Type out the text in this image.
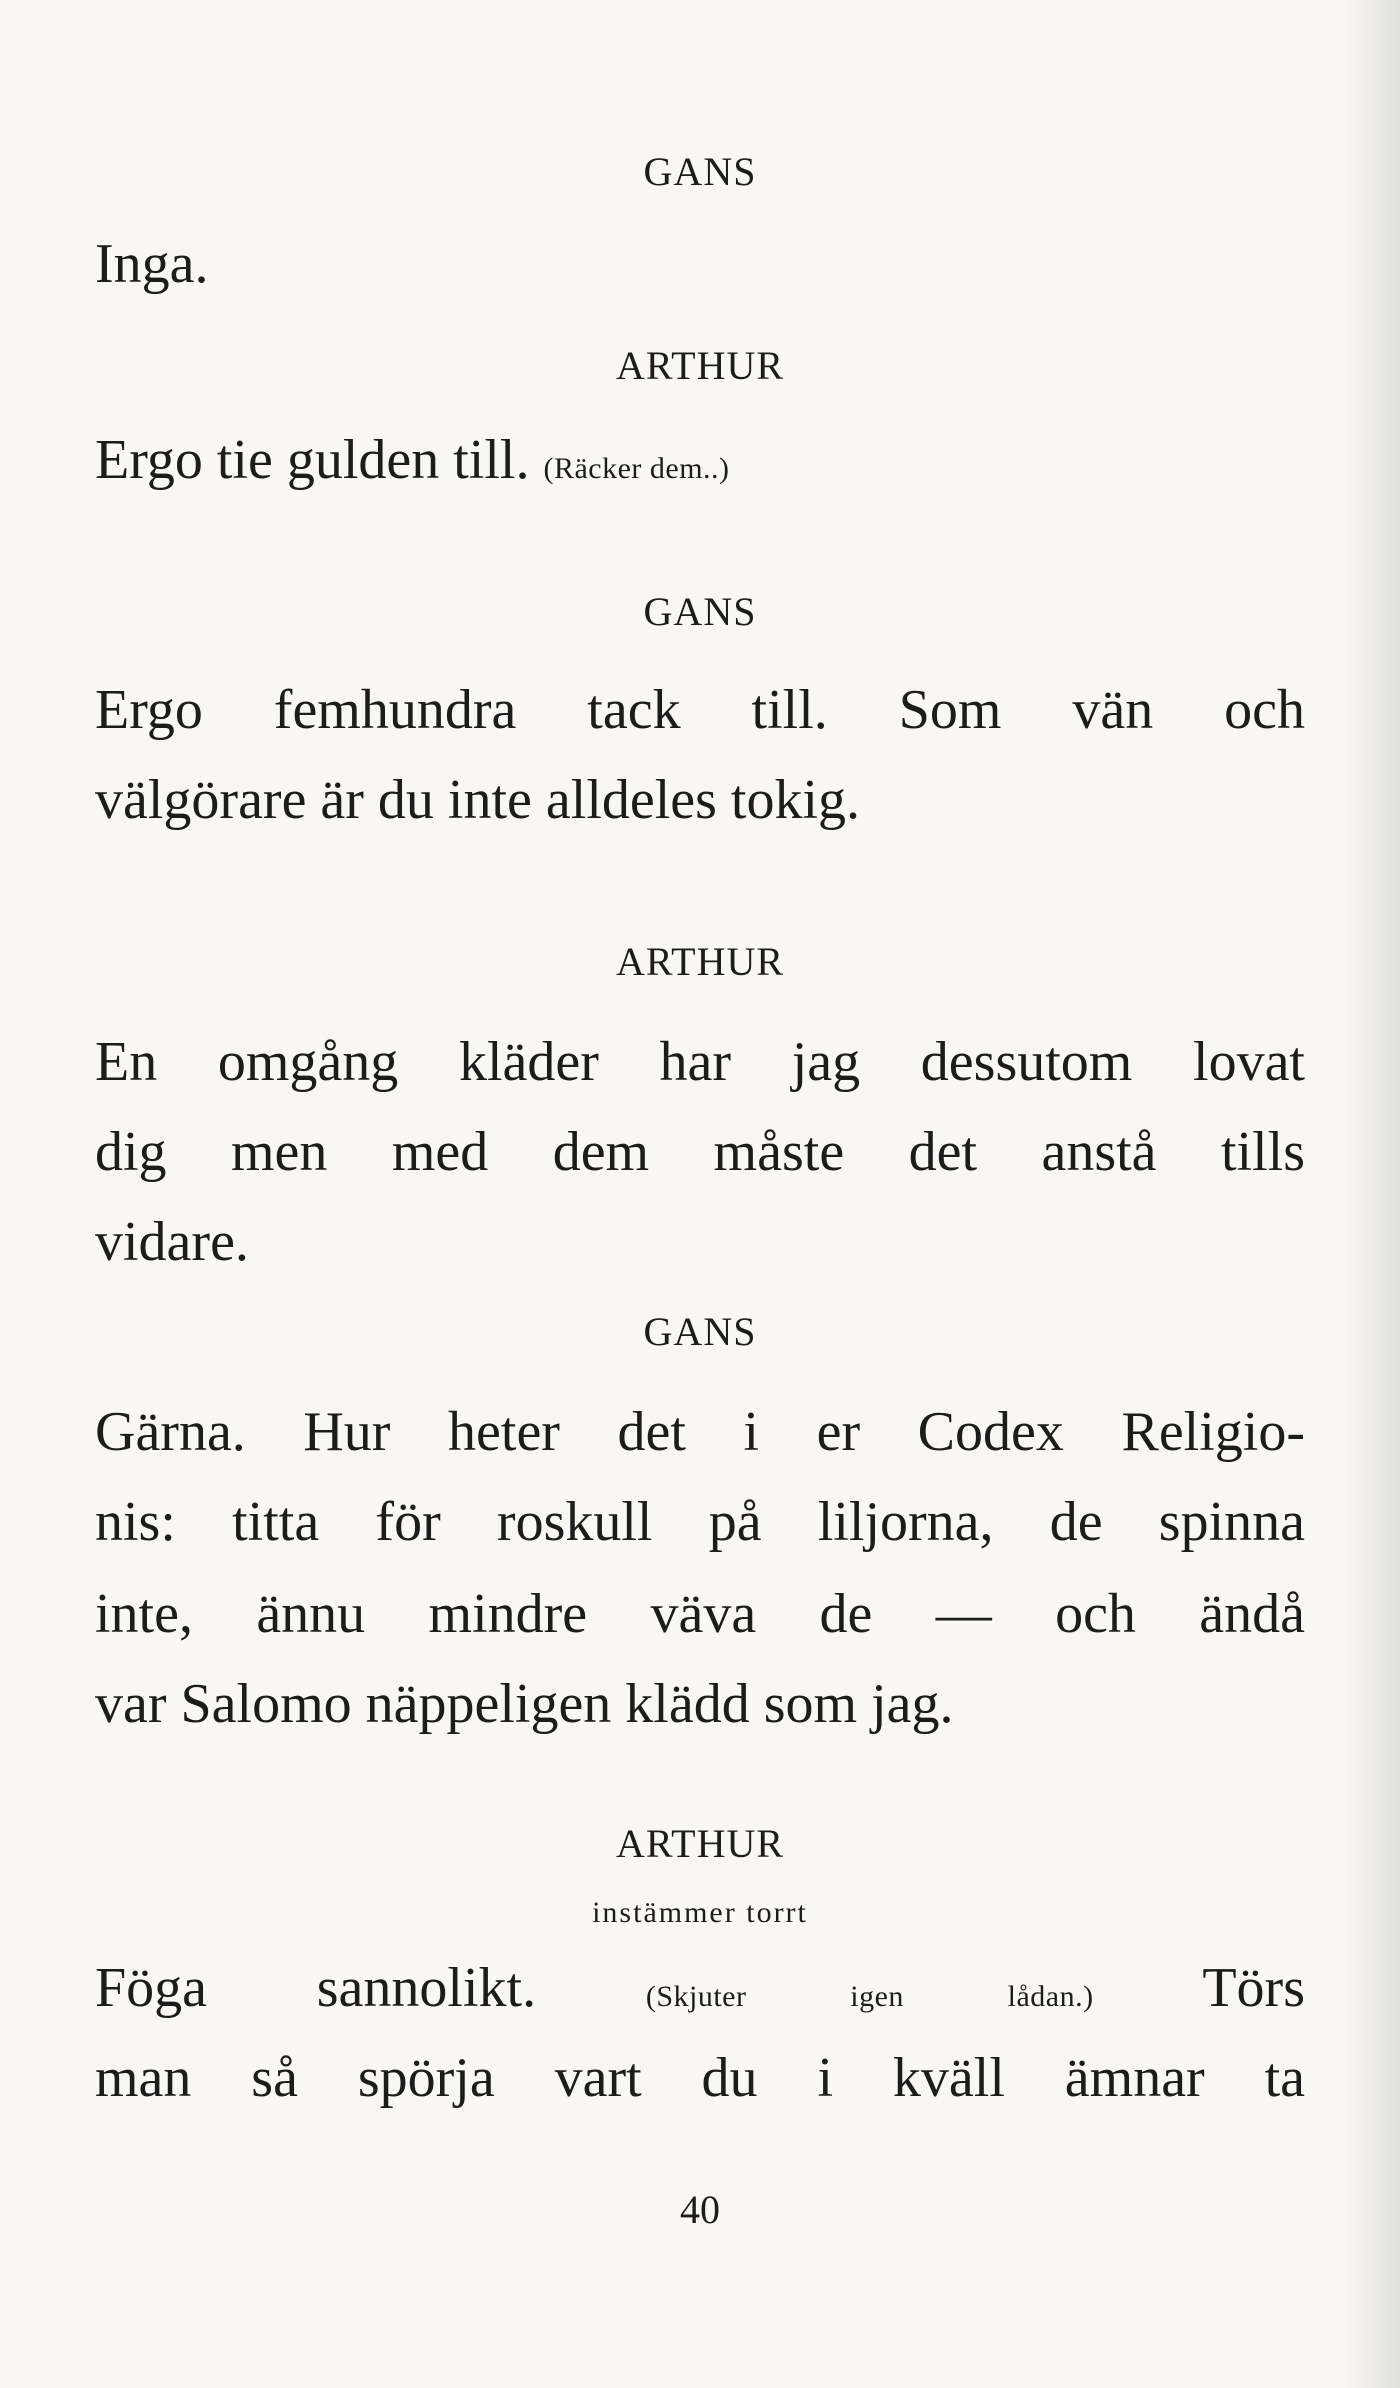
GANS
Inga.
ARTHUR
Ergo tie gulden till. (Räcker dem..)
GANS
Ergo femhundra tack till. Som vän och
välgörare är du inte alldeles tokig.
ARTHUR
En omgång kläder har jag dessutom lovat
dig men med dem måste det anstå tills
vidare.
GANS
Gärna. Hur heter det i er Codex Religio-
nis: titta för roskull på liljorna, de spinna
inte, ännu mindre väva de — och ändå
var Salomo näppeligen klädd som jag.
ARTHUR
instämmer torrt
Föga sannolikt.	(Skjuter igen lådan.) Törs
man så spörja vart du i kväll ämnar ta
40
